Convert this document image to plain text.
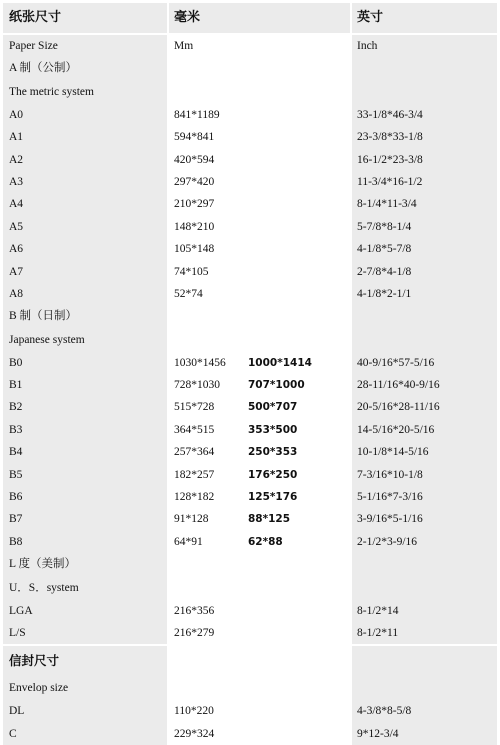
纸张尺寸	毫米	英寸
Paper Size	Mm	Inch
A 制（公制）
The metric system
A0	841*1189	33-1/8*46-3/4
A1	594*841	23-3/8*33-1/8
A2	420*594	16-1/2*23-3/8
A3	297*420	11-3/4*16-1/2
A4	210*297	8-1/4*11-3/4
A5	148*210	5-7/8*8-1/4
A6	105*148	4-1/8*5-7/8
A7	74*105	2-7/8*4-1/8
A8	52*74	4-1/8*2-1/1
B 制（日制）
Japanese system
B0	1030*1456	1000*1414	40-9/16*57-5/16
B1	728*1030	707*1000	28-11/16*40-9/16
B2	515*728	500*707	20-5/16*28-11/16
B3	364*515	353*500	14-5/16*20-5/16
B4	257*364	250*353	10-1/8*14-5/16
B5	182*257	176*250	7-3/16*10-1/8
B6	128*182	125*176	5-1/16*7-3/16
B7	91*128	88*125	3-9/16*5-1/16
B8	64*91	62*88	2-1/2*3-9/16
L 度（美制）
U．S．system
LGA	216*356	8-1/2*14
L/S	216*279	8-1/2*11
信封尺寸
Envelop size
DL	110*220	4-3/8*8-5/8
C	229*324	9*12-3/4
